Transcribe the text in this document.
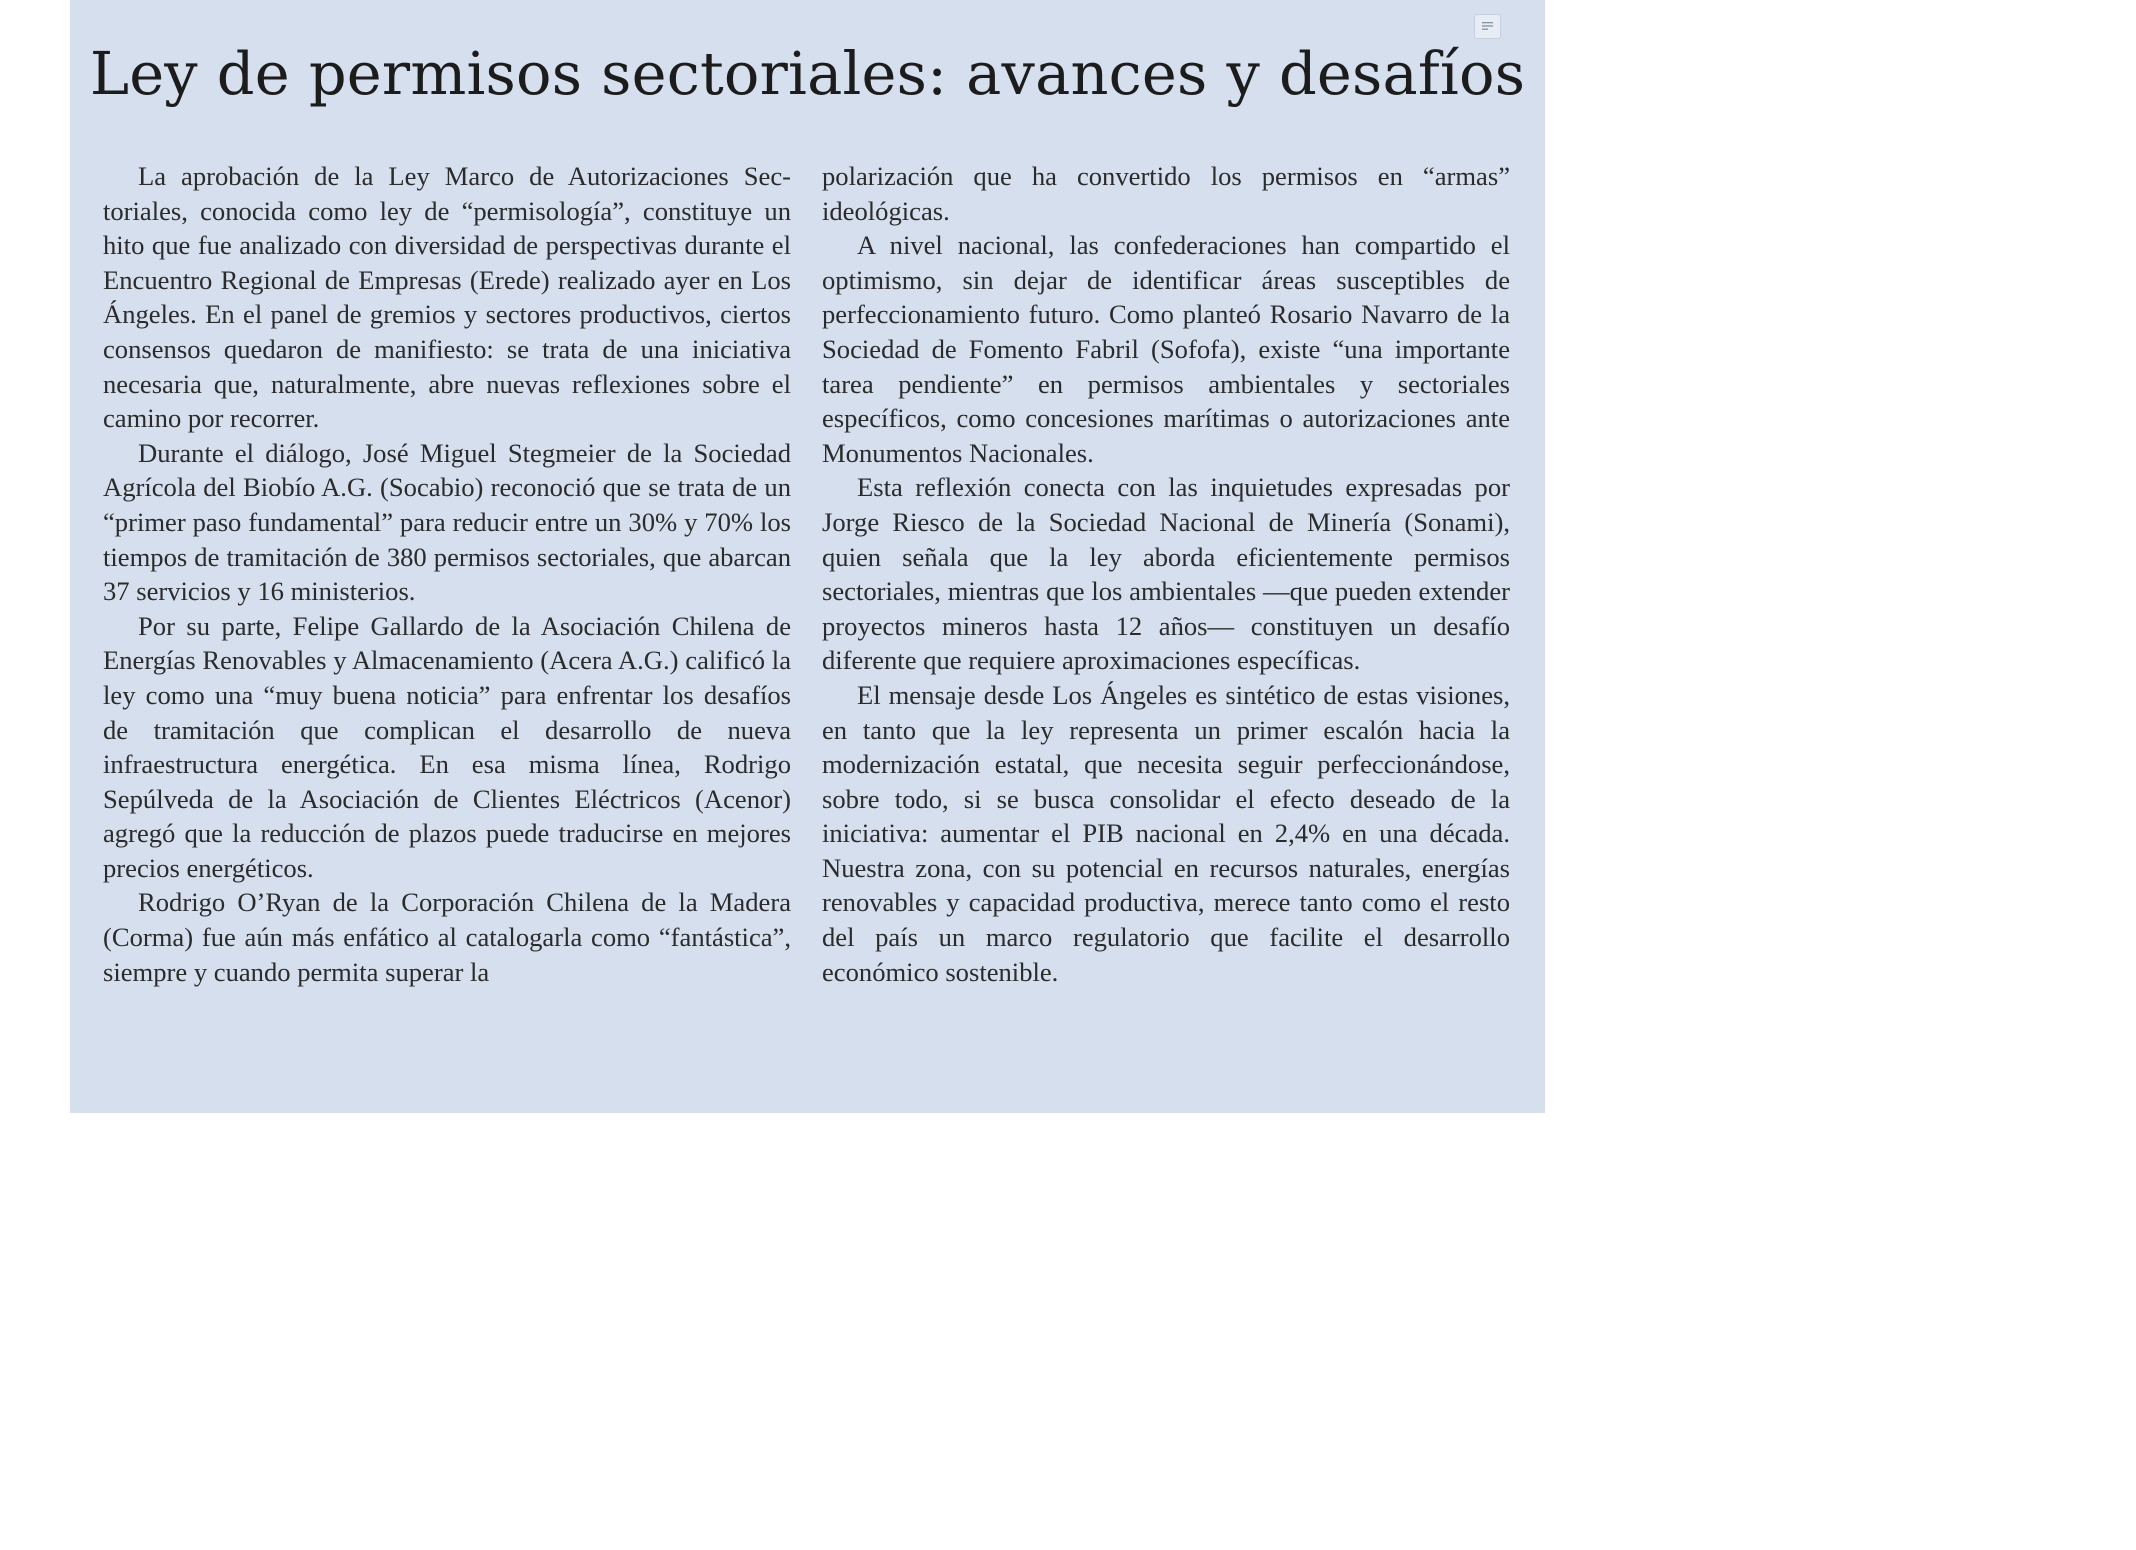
Ley de permisos sectoriales: avances y desafíos

La aprobación de la Ley Marco de Autorizaciones Sectoriales, conocida como ley de “permisología”, constituye un hito que fue analizado con diversidad de perspectivas durante el Encuentro Regional de Empresas (Erede) realizado ayer en Los Ángeles. En el panel de gremios y sectores productivos, ciertos consensos quedaron de manifiesto: se trata de una iniciativa necesaria que, naturalmente, abre nuevas reflexiones sobre el camino por recorrer.

Durante el diálogo, José Miguel Stegmeier de la Sociedad Agrícola del Biobío A.G. (Socabio) reconoció que se trata de un “primer paso fundamental” para reducir entre un 30% y 70% los tiempos de tramitación de 380 permisos sectoriales, que abarcan 37 servicios y 16 ministerios.

Por su parte, Felipe Gallardo de la Asociación Chilena de Energías Renovables y Almacenamiento (Acera A.G.) calificó la ley como una “muy buena noticia” para enfrentar los desafíos de tramitación que complican el desarrollo de nueva infraestructura energética. En esa misma línea, Rodrigo Sepúlveda de la Asociación de Clientes Eléctricos (Acenor) agregó que la reducción de plazos puede traducirse en mejores precios energéticos.

Rodrigo O’Ryan de la Corporación Chilena de la Madera (Corma) fue aún más enfático al catalogarla como “fantástica”, siempre y cuando permita superar la

polarización que ha convertido los permisos en “armas” ideológicas.

A nivel nacional, las confederaciones han compartido el optimismo, sin dejar de identificar áreas susceptibles de perfeccionamiento futuro. Como planteó Rosario Navarro de la Sociedad de Fomento Fabril (Sofofa), existe “una importante tarea pendiente” en permisos ambientales y sectoriales específicos, como concesiones marítimas o autorizaciones ante Monumentos Nacionales.

Esta reflexión conecta con las inquietudes expresadas por Jorge Riesco de la Sociedad Nacional de Minería (Sonami), quien señala que la ley aborda eficientemente permisos sectoriales, mientras que los ambientales —que pueden extender proyectos mineros hasta 12 años— constituyen un desafío diferente que requiere aproximaciones específicas.

El mensaje desde Los Ángeles es sintético de estas visiones, en tanto que la ley representa un primer escalón hacia la modernización estatal, que necesita seguir perfeccionándose, sobre todo, si se busca consolidar el efecto deseado de la iniciativa: aumentar el PIB nacional en 2,4% en una década. Nuestra zona, con su potencial en recursos naturales, energías renovables y capacidad productiva, merece tanto como el resto del país un marco regulatorio que facilite el desarrollo económico sostenible.
